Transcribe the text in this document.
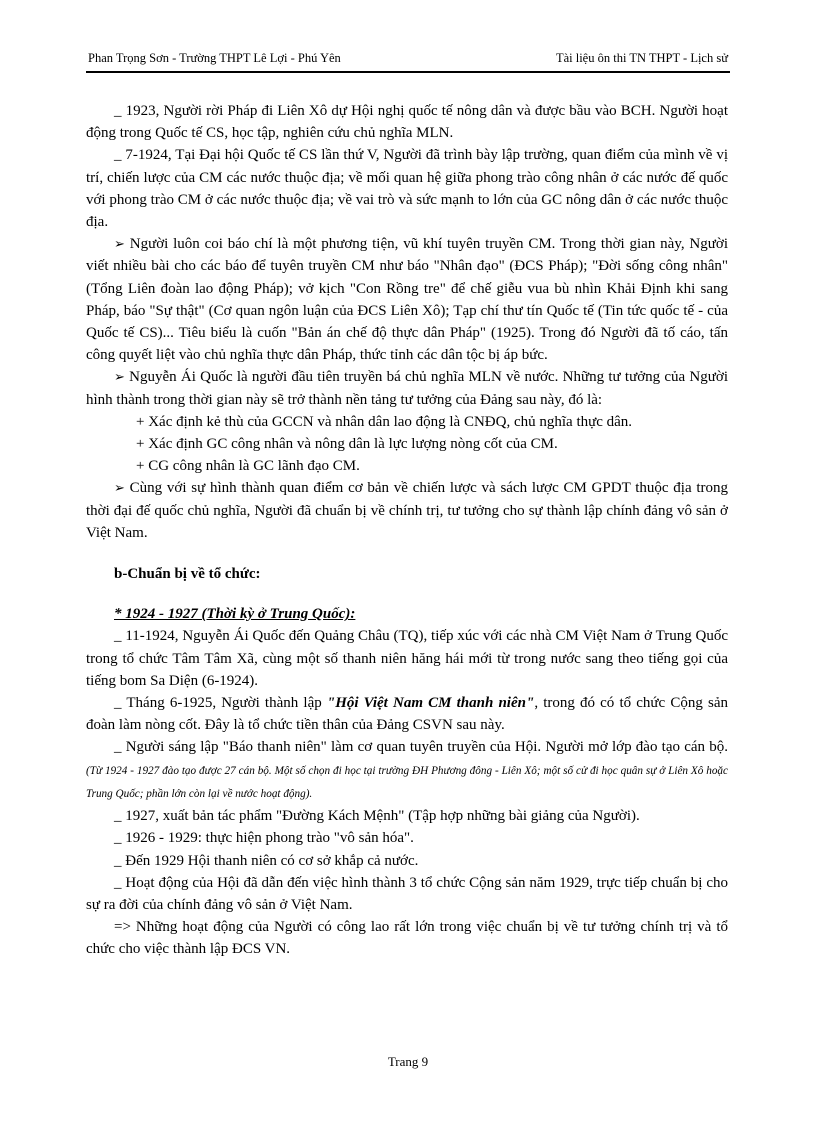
Phan Trọng Sơn - Trường THPT Lê Lợi - Phú Yên	Tài liệu ôn thi TN THPT - Lịch sử

_ 1923, Người rời Pháp đi Liên Xô dự Hội nghị quốc tế nông dân và được bầu vào BCH. Người hoạt động trong Quốc tế CS, học tập, nghiên cứu chủ nghĩa MLN.

_ 7-1924, Tại Đại hội Quốc tế CS lần thứ V, Người đã trình bày lập trường, quan điểm của mình về vị trí, chiến lược của CM các nước thuộc địa; về mối quan hệ giữa phong trào công nhân ở các nước đế quốc với phong trào CM ở các nước thuộc địa; về vai trò và sức mạnh to lớn của GC nông dân ở các nước thuộc địa.

➢ Người luôn coi báo chí là một phương tiện, vũ khí tuyên truyền CM. Trong thời gian này, Người viết nhiều bài cho các báo để tuyên truyền CM như báo "Nhân đạo" (ĐCS Pháp); "Đời sống công nhân" (Tổng Liên đoàn lao động Pháp); vở kịch "Con Rồng tre" để chế giễu vua bù nhìn Khải Định khi sang Pháp, báo "Sự thật" (Cơ quan ngôn luận của ĐCS Liên Xô); Tạp chí thư tín Quốc tế (Tin tức quốc tế - của Quốc tế CS)... Tiêu biểu là cuốn "Bản án chế độ thực dân Pháp" (1925). Trong đó Người đã tố cáo, tấn công quyết liệt vào chủ nghĩa thực dân Pháp, thức tỉnh các dân tộc bị áp bức.

➢ Nguyễn Ái Quốc là người đầu tiên truyền bá chủ nghĩa MLN về nước. Những tư tưởng của Người hình thành trong thời gian này sẽ trở thành nền tảng tư tưởng của Đảng sau này, đó là:

+ Xác định kẻ thù của GCCN và nhân dân lao động là CNĐQ, chủ nghĩa thực dân.

+ Xác định GC công nhân và nông dân là lực lượng nòng cốt của CM.

+ CG công nhân là GC lãnh đạo CM.

➢ Cùng với sự hình thành quan điểm cơ bản về chiến lược và sách lược CM GPDT thuộc địa trong thời đại đế quốc chủ nghĩa, Người đã chuẩn bị về chính trị, tư tưởng cho sự thành lập chính đảng vô sản ở Việt Nam.

b-Chuẩn bị về tổ chức:

* 1924 - 1927 (Thời kỳ ở Trung Quốc):

_ 11-1924, Nguyễn Ái Quốc đến Quảng Châu (TQ), tiếp xúc với các nhà CM Việt Nam ở Trung Quốc trong tổ chức Tâm Tâm Xã, cùng một số thanh niên hăng hái mới từ trong nước sang theo tiếng gọi của tiếng bom Sa Diện (6-1924).

_ Tháng 6-1925, Người thành lập "Hội Việt Nam CM thanh niên", trong đó có tổ chức Cộng sản đoàn làm nòng cốt. Đây là tổ chức tiền thân của Đảng CSVN sau này.

_ Người sáng lập "Báo thanh niên" làm cơ quan tuyên truyền của Hội. Người mở lớp đào tạo cán bộ. (Từ 1924 - 1927 đào tạo được 27 cán bộ. Một số chọn đi học tại trường ĐH Phương đông - Liên Xô; một số cử đi học quân sự ở Liên Xô hoặc Trung Quốc; phần lớn còn lại về nước hoạt động).

_ 1927, xuất bản tác phẩm "Đường Kách Mệnh" (Tập hợp những bài giảng của Người).

_ 1926 - 1929: thực hiện phong trào "vô sản hóa".

_ Đến 1929 Hội thanh niên có cơ sở khắp cả nước.

_ Hoạt động của Hội đã dẫn đến việc hình thành 3 tổ chức Cộng sản năm 1929, trực tiếp chuẩn bị cho sự ra đời của chính đảng vô sản ở Việt Nam.

=> Những hoạt động của Người có công lao rất lớn trong việc chuẩn bị về tư tưởng chính trị và tổ chức cho việc thành lập ĐCS VN.

Trang 9
